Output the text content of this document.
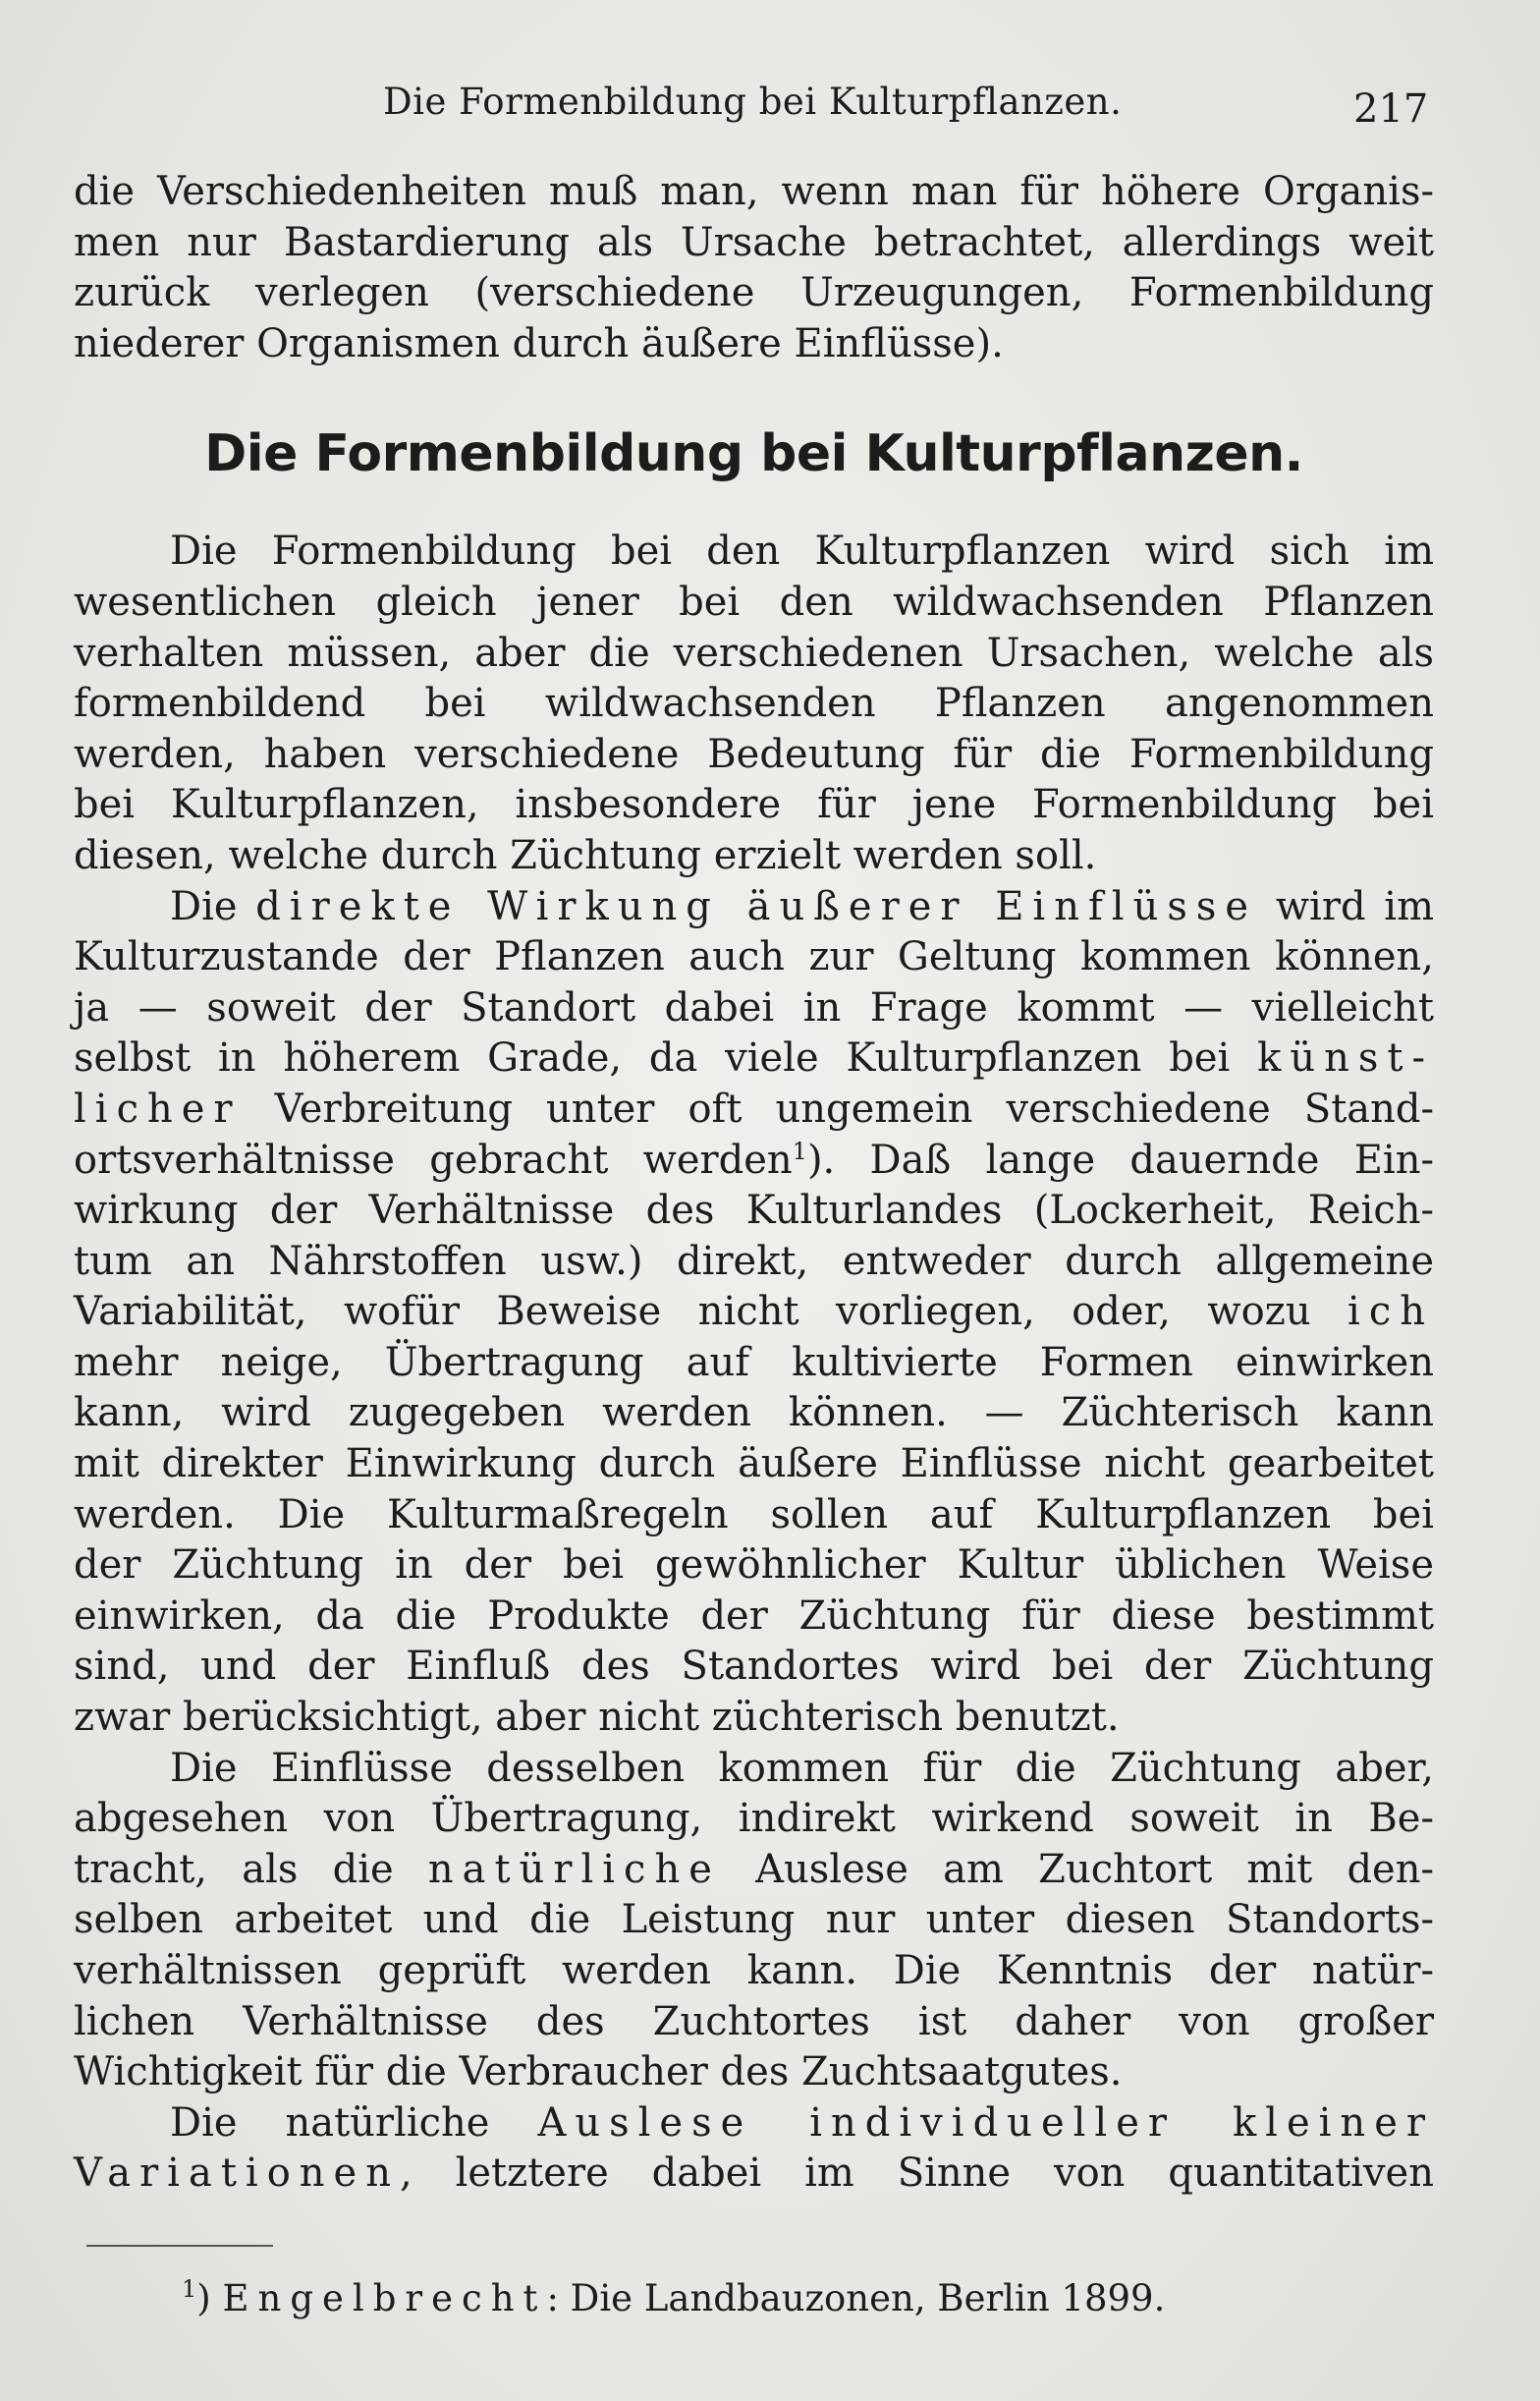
Die Formenbildung bei Kulturpflanzen.	217
die Verschiedenheiten muß man, wenn man für höhere Organis-
men nur Bastardierung als Ursache betrachtet, allerdings weit
zurück verlegen (verschiedene Urzeugungen, Formenbildung
niederer Organismen durch äußere Einflüsse).
Die Formenbildung bei Kulturpflanzen.
Die Formenbildung bei den Kulturpflanzen wird sich im
wesentlichen gleich jener bei den wildwachsenden Pflanzen
verhalten müssen, aber die verschiedenen Ursachen, welche als
formenbildend bei wildwachsenden Pflanzen angenommen
werden, haben verschiedene Bedeutung für die Formenbildung
bei Kulturpflanzen, insbesondere für jene Formenbildung bei
diesen, welche durch Züchtung erzielt werden soll.
Die direkte Wirkung äußerer Einflüsse wird im
Kulturzustande der Pflanzen auch zur Geltung kommen können,
ja — soweit der Standort dabei in Frage kommt — vielleicht
selbst in höherem Grade, da viele Kulturpflanzen bei künst-
licher Verbreitung unter oft ungemein verschiedene Stand-
ortsverhältnisse gebracht werden$^1$). Daß lange dauernde Ein-
wirkung der Verhältnisse des Kulturlandes (Lockerheit, Reich-
tum an Nährstoffen usw.) direkt, entweder durch allgemeine
Variabilität, wofür Beweise nicht vorliegen, oder, wozu ich
mehr neige, Übertragung auf kultivierte Formen einwirken
kann, wird zugegeben werden können. — Züchterisch kann
mit direkter Einwirkung durch äußere Einflüsse nicht gearbeitet
werden. Die Kulturmaßregeln sollen auf Kulturpflanzen bei
der Züchtung in der bei gewöhnlicher Kultur üblichen Weise
einwirken, da die Produkte der Züchtung für diese bestimmt
sind, und der Einfluß des Standortes wird bei der Züchtung
zwar berücksichtigt, aber nicht züchterisch benutzt.
Die Einflüsse desselben kommen für die Züchtung aber,
abgesehen von Übertragung, indirekt wirkend soweit in Be-
tracht, als die natürliche Auslese am Zuchtort mit den-
selben arbeitet und die Leistung nur unter diesen Standorts-
verhältnissen geprüft werden kann. Die Kenntnis der natür-
lichen Verhältnisse des Zuchtortes ist daher von großer
Wichtigkeit für die Verbraucher des Zuchtsaatgutes.
Die natürliche Auslese individueller kleiner
Variationen, letztere dabei im Sinne von quantitativen
$^1$) Engelbrecht: Die Landbauzonen, Berlin 1899.
